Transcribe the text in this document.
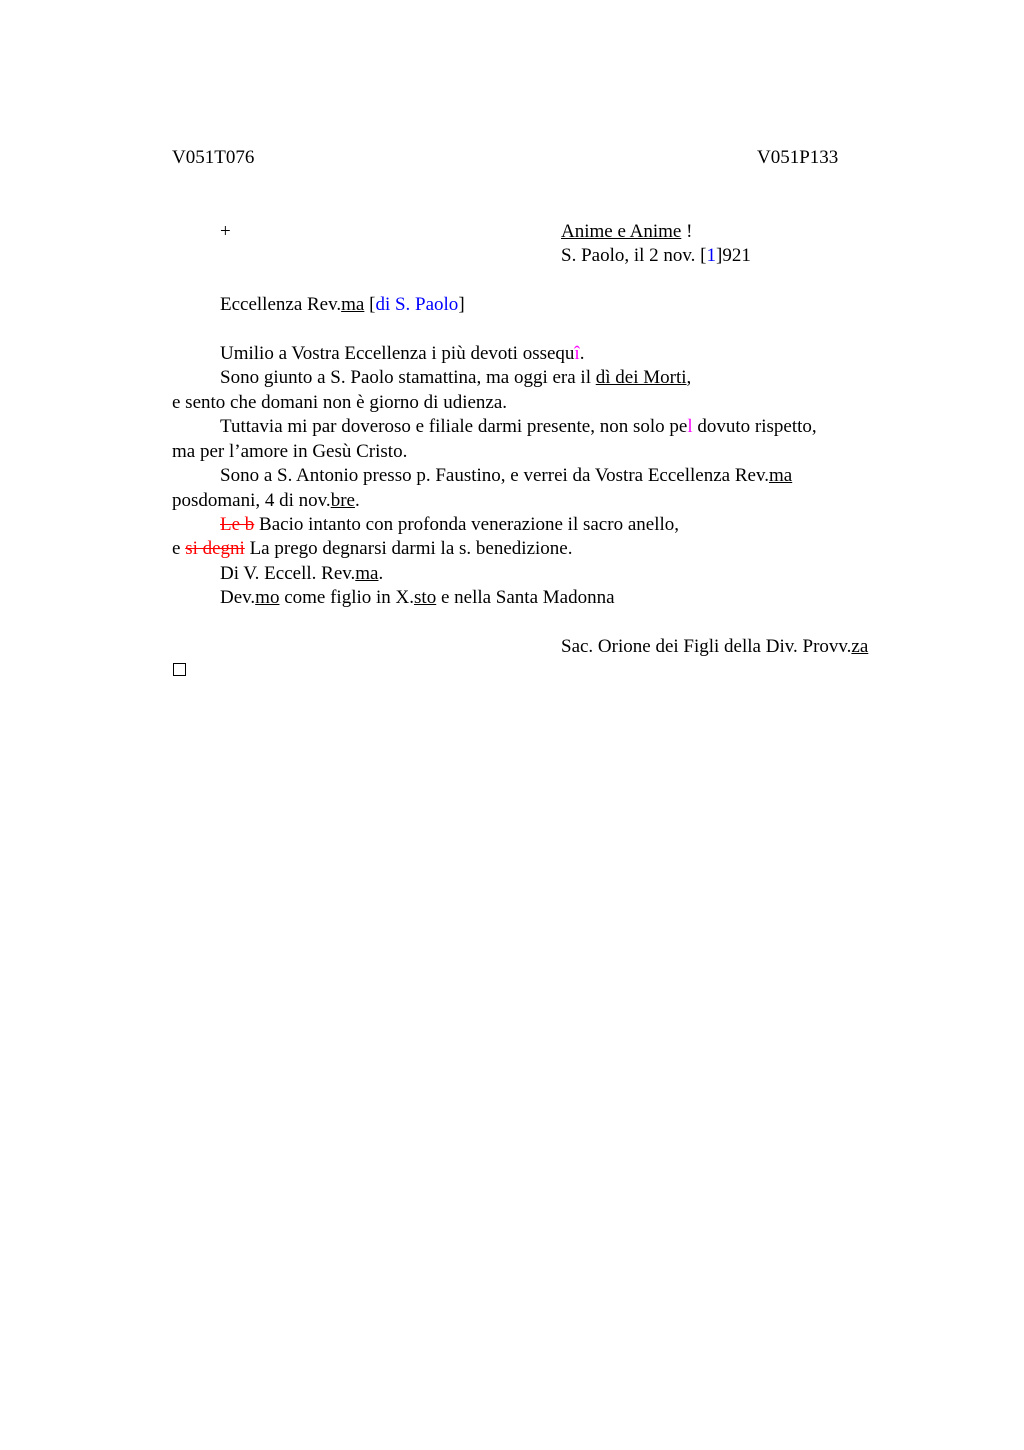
V051T076	V051P133
+	Animе e Anime !
S. Paolo, il 2 nov. [1]921
Eccellenza Rev.ma [di S. Paolo]
Umilio a Vostra Eccellenza i più devoti ossequî.
Sono giunto a S. Paolo stamattina, ma oggi era il dì dei Morti,
e sento che domani non è giorno di udienza.
Tuttavia mi par doveroso e filiale darmi presente, non solo pel dovuto rispetto,
ma per l’amore in Gesù Cristo.
Sono a S. Antonio presso p. Faustino, e verrei da Vostra Eccellenza Rev.ma
posdomani, 4 di nov.bre.
Le b Bacio intanto con profonda venerazione il sacro anello,
e si degni La prego degnarsi darmi la s. benedizione.
Di V. Eccell. Rev.ma.
Dev.mo come figlio in X.sto e nella Santa Madonna
Sac. Orione dei Figli della Div. Provv.za
